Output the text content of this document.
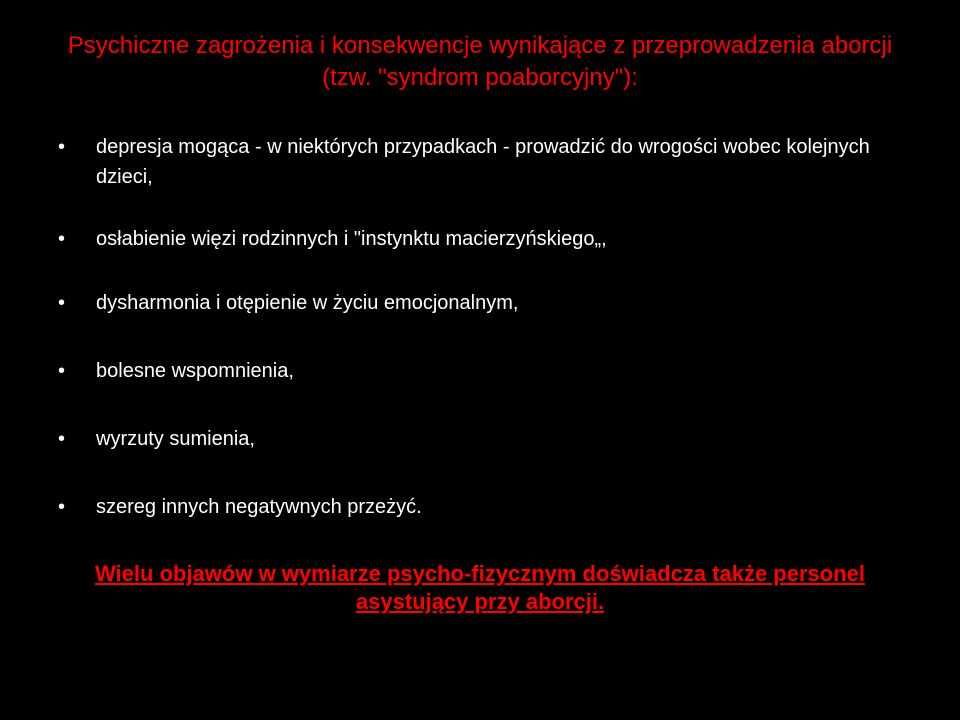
Psychiczne zagrożenia i konsekwencje wynikające z przeprowadzenia aborcji (tzw. "syndrom poaborcyjny"):
• depresja mogąca - w niektórych przypadkach - prowadzić do wrogości wobec kolejnych dzieci,
• osłabienie więzi rodzinnych i "instynktu macierzyńskiego„,
• dysharmonia i otępienie w życiu emocjonalnym,
• bolesne wspomnienia,
• wyrzuty sumienia,
• szereg innych negatywnych przeżyć.

Wielu objawów w wymiarze psycho-fizycznym doświadcza także personel asystujący przy aborcji.
